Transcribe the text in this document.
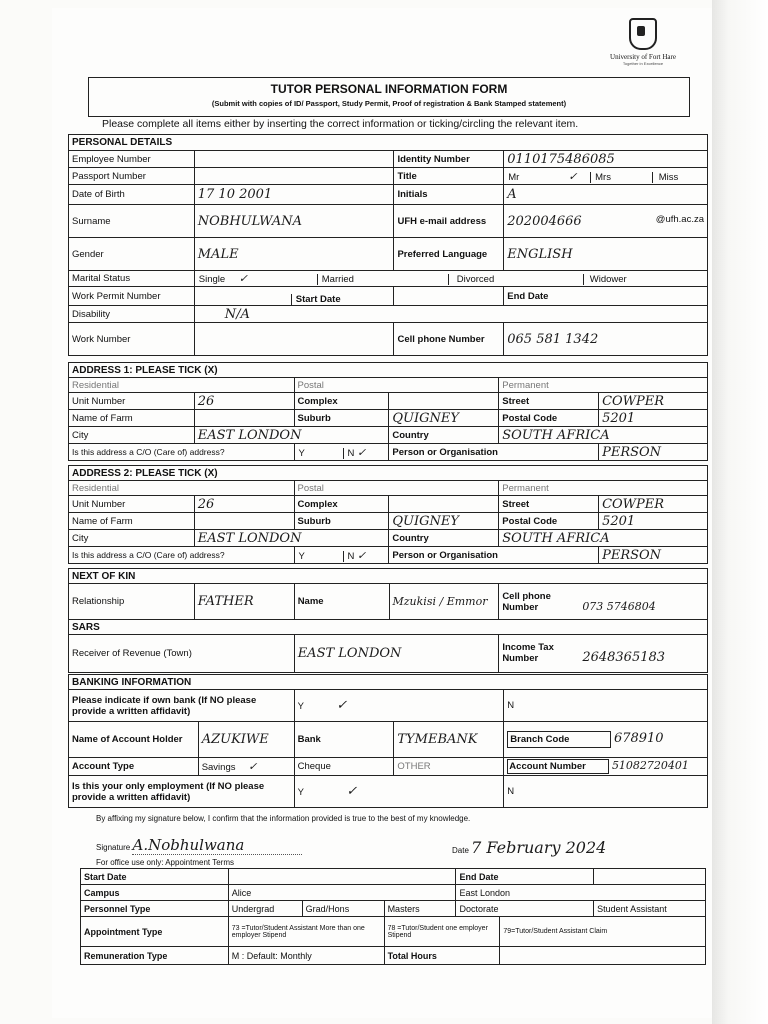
University of Fort Hare
Together in Excellence
TUTOR PERSONAL INFORMATION FORM
(Submit with copies of ID/ Passport, Study Permit, Proof of registration & Bank Stamped statement)
Please complete all items either by inserting the correct information or ticking/circling the relevant item.
PERSONAL DETAILS			
Employee Number		Identity Number	0110175486085
Passport Number		Title	Mr ✓ Mrs Miss
Date of Birth	17 10 2001	Initials	A
Surname	NOBHULWANA	UFH e-mail address	202004666 @ufh.ac.za

Gender	MALE	Preferred Language	ENGLISH
Marital Status	Single ✓ Married Divorced Widower		
Work Permit Number	Start Date		End Date
Disability	N/A		
Work Number		Cell phone Number	065 581 1342
ADDRESS 1: PLEASE TICK (X)					
Residential		Postal		Permanent	
Unit Number	26	Complex		Street	COWPER
Name of Farm		Suburb	QUIGNEY	Postal Code	5201
City	EAST LONDON		Country	SOUTH AFRICA	
Is this address a C/O (Care of) address?		Y N ✓	Person or Organisation		PERSON
ADDRESS 2: PLEASE TICK (X)					
Residential		Postal		Permanent	
Unit Number	26	Complex		Street	COWPER
Name of Farm		Suburb	QUIGNEY	Postal Code	5201
City	EAST LONDON		Country	SOUTH AFRICA	
Is this address a C/O (Care of) address?		Y N ✓	Person or Organisation		PERSON
NEXT OF KIN				
Relationship	FATHER	Name	Mzukisi / Emmor	Cell phone Number 073 5746804
SARS				
Receiver of Revenue (Town)		EAST LONDON		Income Tax Number 2648365183
BANKING INFORMATION				
Please indicate if own bank (If NO please provide a written affidavit)		Y ✓		N
Name of Account Holder	AZUKIWE	Bank	TYMEBANK	Branch Code 678910
Account Type	Savings ✓	Cheque	OTHER	Account Number 51082720401
Is this your only employment (If NO please provide a written affidavit)		Y ✓		N
By affixing my signature below, I confirm that the information provided is true to the best of my knowledge.
Signature A.Nobhulwana	Date 7 February 2024
For office use only: Appointment Terms
Start Date				End Date		
Campus	Alice			East London		
Personnel Type	Undergrad	Grad/Hons	Masters	Doctorate		Student Assistant
Appointment Type	73 =Tutor/Student Assistant More than one employer Stipend		78 =Tutor/Student one employer Stipend		79=Tutor/Student Assistant Claim	
Remuneration Type	M : Default: Monthly		Total Hours			
